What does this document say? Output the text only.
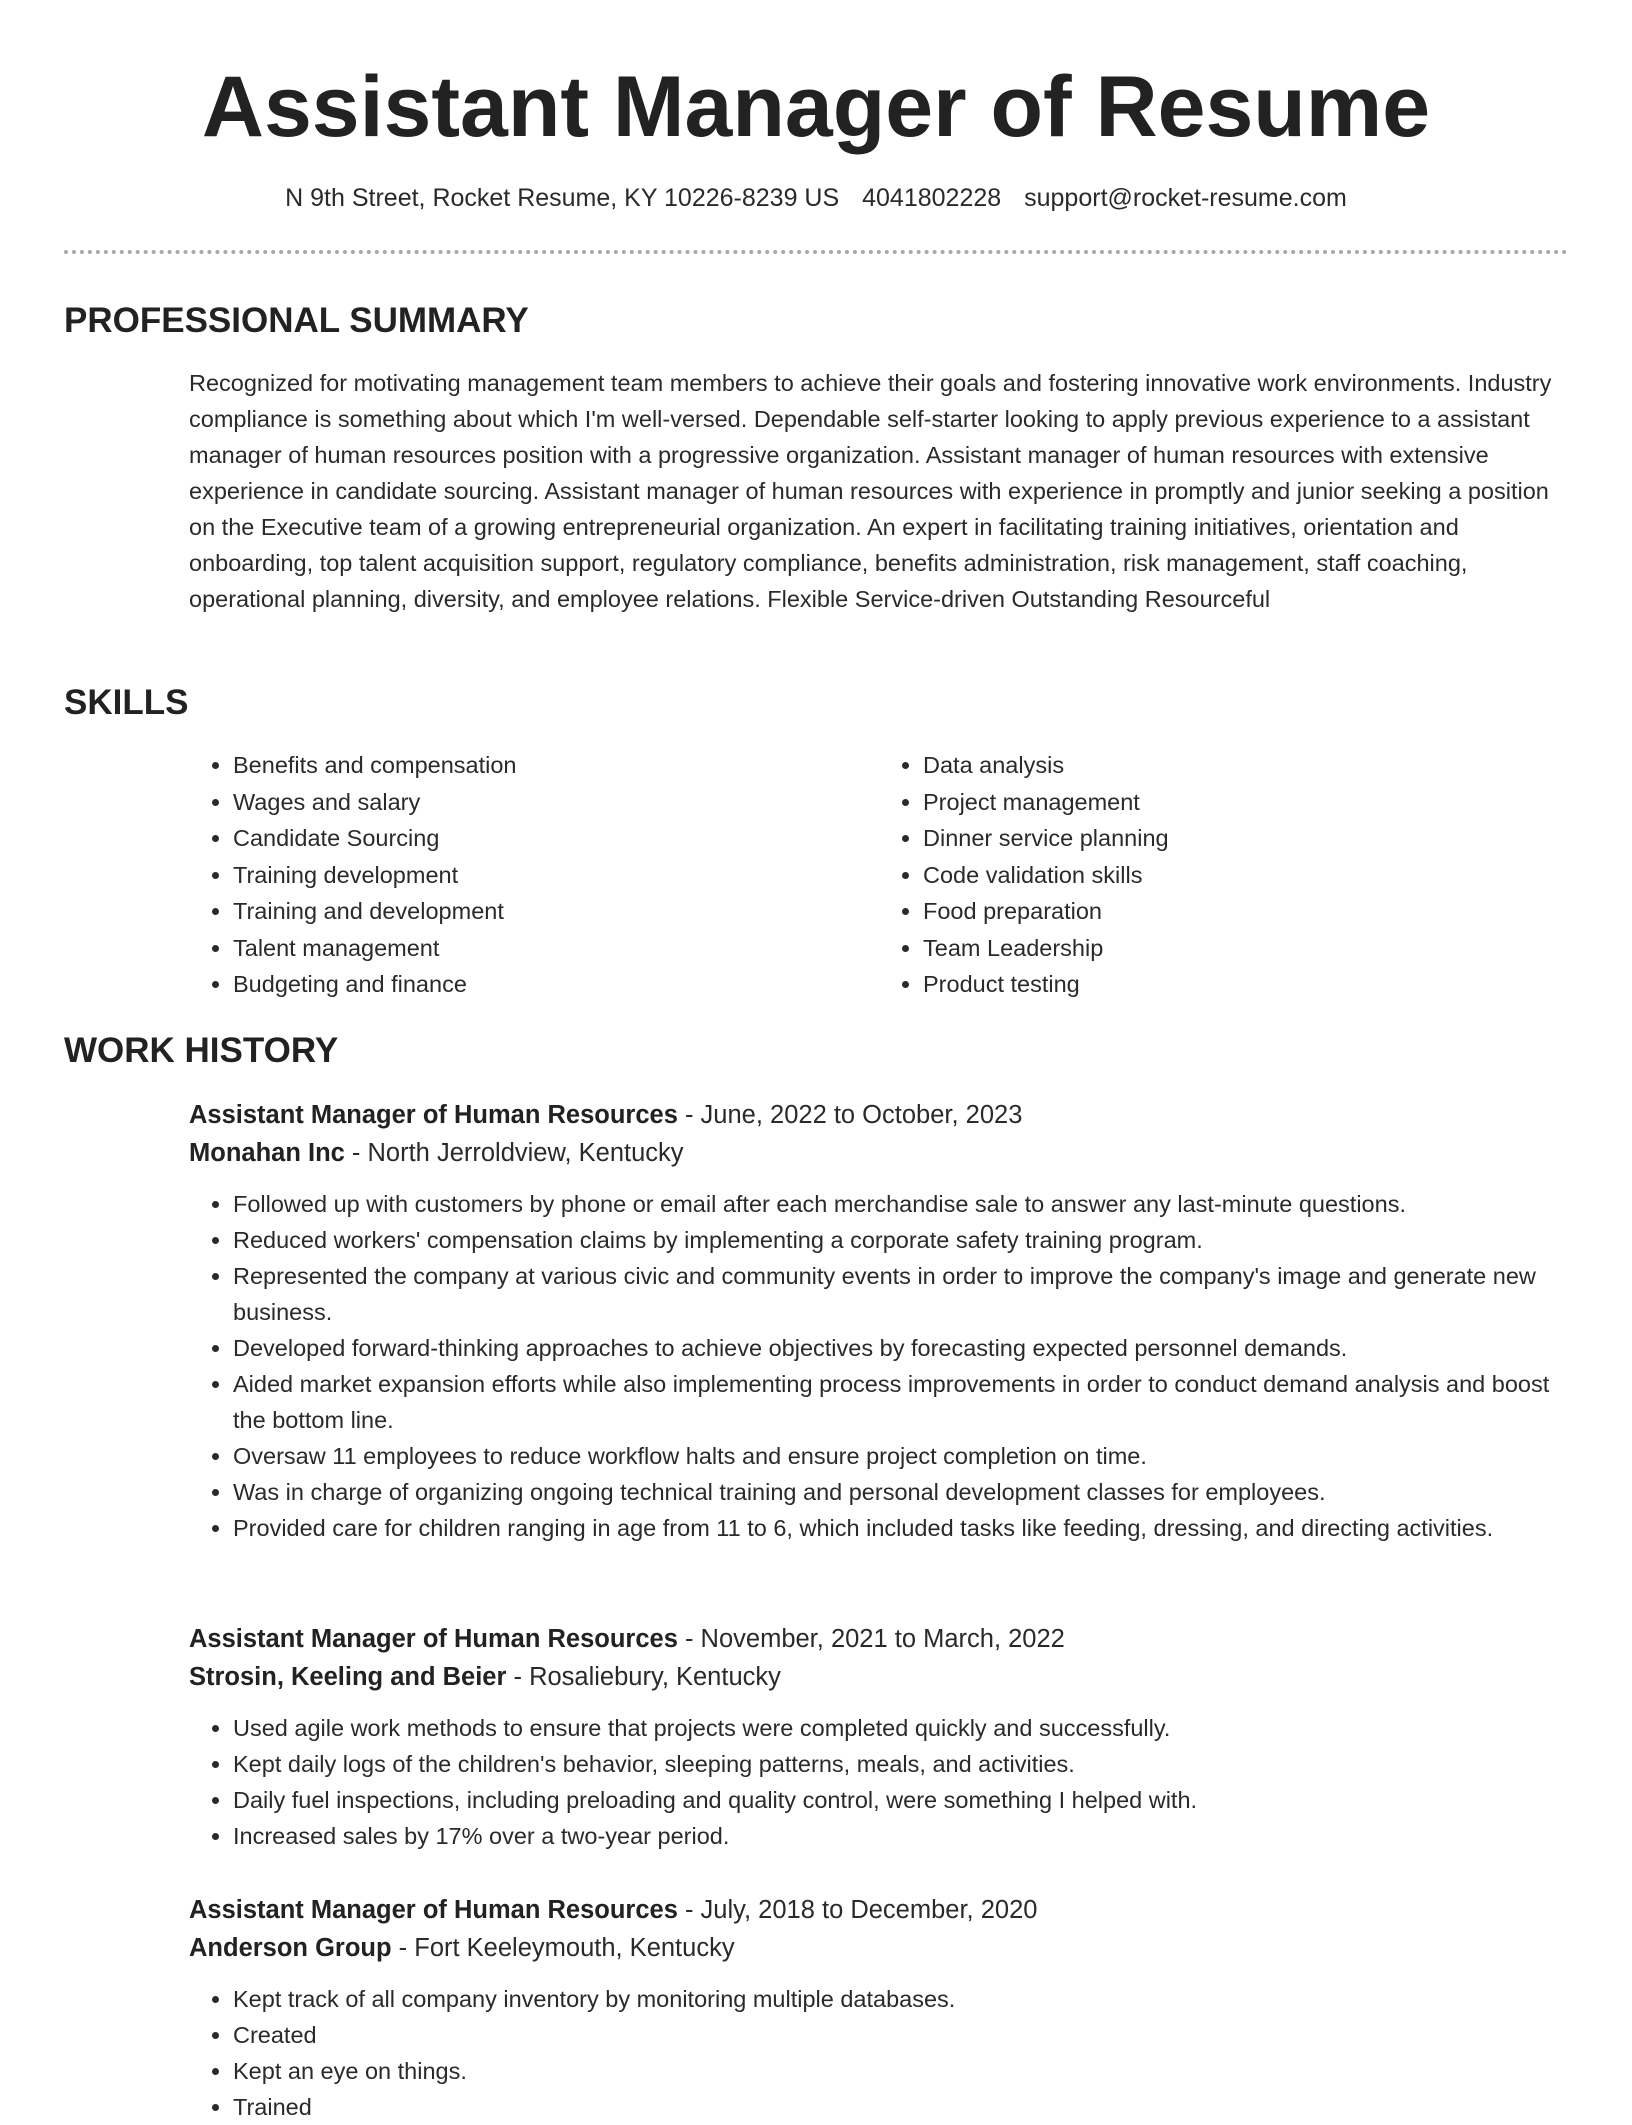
Assistant Manager of Resume
N 9th Street, Rocket Resume, KY 10226-8239 US 4041802228 support@rocket-resume.com
PROFESSIONAL SUMMARY
Recognized for motivating management team members to achieve their goals and fostering innovative work environments. Industry compliance is something about which I'm well-versed. Dependable self-starter looking to apply previous experience to a assistant manager of human resources position with a progressive organization. Assistant manager of human resources with extensive experience in candidate sourcing. Assistant manager of human resources with experience in promptly and junior seeking a position on the Executive team of a growing entrepreneurial organization. An expert in facilitating training initiatives, orientation and onboarding, top talent acquisition support, regulatory compliance, benefits administration, risk management, staff coaching, operational planning, diversity, and employee relations. Flexible Service-driven Outstanding Resourceful
SKILLS
• Benefits and compensation
• Wages and salary
• Candidate Sourcing
• Training development
• Training and development
• Talent management
• Budgeting and finance
• Data analysis
• Project management
• Dinner service planning
• Code validation skills
• Food preparation
• Team Leadership
• Product testing
WORK HISTORY
Assistant Manager of Human Resources - June, 2022 to October, 2023
Monahan Inc - North Jerroldview, Kentucky
• Followed up with customers by phone or email after each merchandise sale to answer any last-minute questions.
• Reduced workers' compensation claims by implementing a corporate safety training program.
• Represented the company at various civic and community events in order to improve the company's image and generate new business.
• Developed forward-thinking approaches to achieve objectives by forecasting expected personnel demands.
• Aided market expansion efforts while also implementing process improvements in order to conduct demand analysis and boost the bottom line.
• Oversaw 11 employees to reduce workflow halts and ensure project completion on time.
• Was in charge of organizing ongoing technical training and personal development classes for employees.
• Provided care for children ranging in age from 11 to 6, which included tasks like feeding, dressing, and directing activities.
Assistant Manager of Human Resources - November, 2021 to March, 2022
Strosin, Keeling and Beier - Rosaliebury, Kentucky
• Used agile work methods to ensure that projects were completed quickly and successfully.
• Kept daily logs of the children's behavior, sleeping patterns, meals, and activities.
• Daily fuel inspections, including preloading and quality control, were something I helped with.
• Increased sales by 17% over a two-year period.
Assistant Manager of Human Resources - July, 2018 to December, 2020
Anderson Group - Fort Keeleymouth, Kentucky
• Kept track of all company inventory by monitoring multiple databases.
• Created
• Kept an eye on things.
• Trained
